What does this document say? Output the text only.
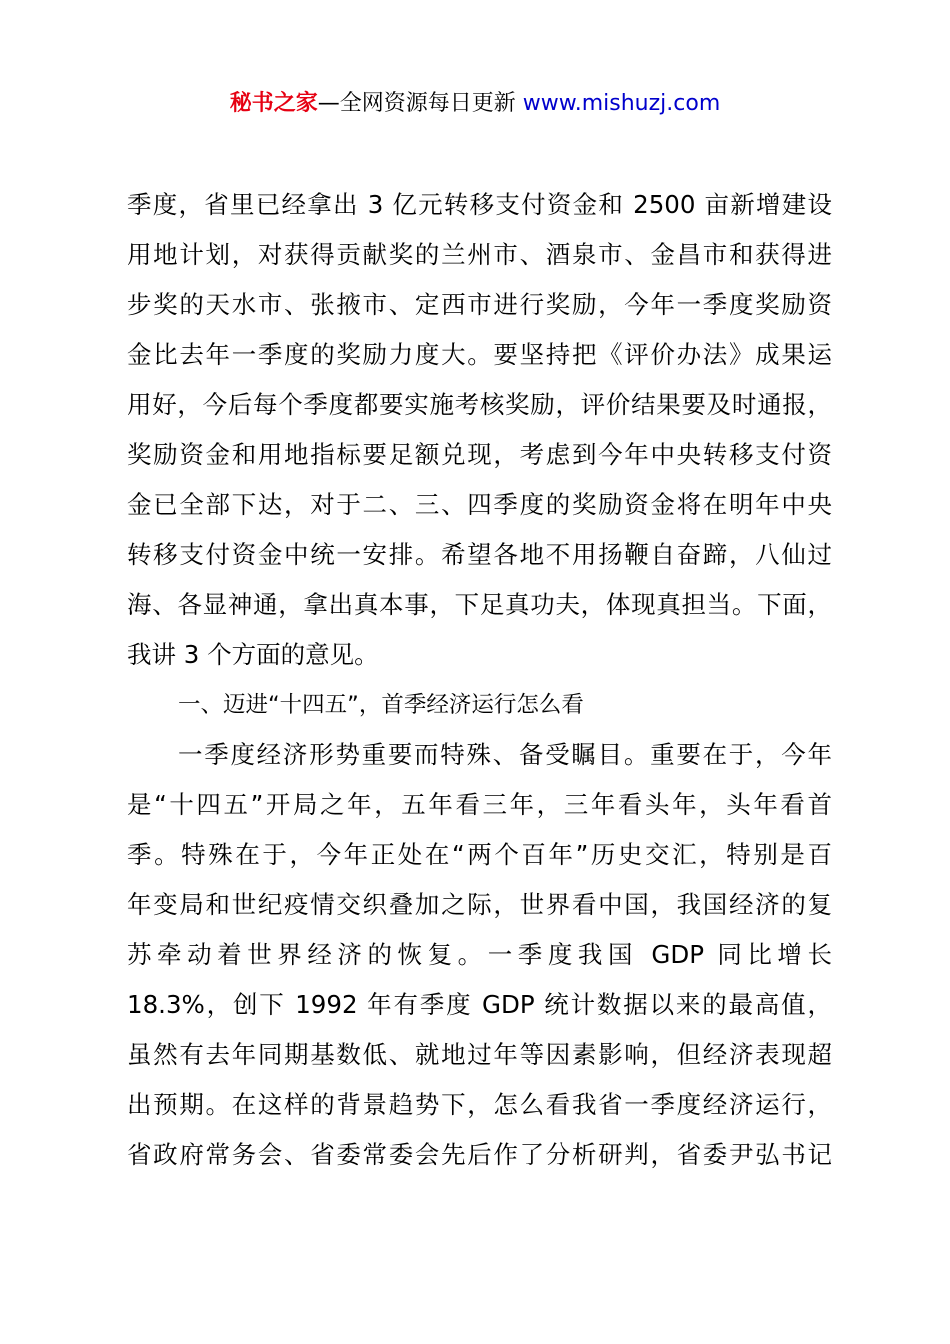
秘书之家—全网资源每日更新 www.mishuzj.com
季度，省里已经拿出 3 亿元转移支付资金和 2500 亩新增建设
用地计划，对获得贡献奖的兰州市、酒泉市、金昌市和获得进
步奖的天水市、张掖市、定西市进行奖励，今年一季度奖励资
金比去年一季度的奖励力度大。要坚持把《评价办法》成果运
用好，今后每个季度都要实施考核奖励，评价结果要及时通报，
奖励资金和用地指标要足额兑现，考虑到今年中央转移支付资
金已全部下达，对于二、三、四季度的奖励资金将在明年中央
转移支付资金中统一安排。希望各地不用扬鞭自奋蹄，八仙过
海、各显神通，拿出真本事，下足真功夫，体现真担当。下面，
我讲 3 个方面的意见。
一、迈进“十四五”，首季经济运行怎么看
一季度经济形势重要而特殊、备受瞩目。重要在于，今年
是“十四五”开局之年，五年看三年，三年看头年，头年看首
季。特殊在于，今年正处在“两个百年”历史交汇，特别是百
年变局和世纪疫情交织叠加之际，世界看中国，我国经济的复
苏牵动着世界经济的恢复。一季度我国 GDP 同比增长
18.3%，创下 1992 年有季度 GDP 统计数据以来的最高值，
虽然有去年同期基数低、就地过年等因素影响，但经济表现超
出预期。在这样的背景趋势下，怎么看我省一季度经济运行，
省政府常务会、省委常委会先后作了分析研判，省委尹弘书记
